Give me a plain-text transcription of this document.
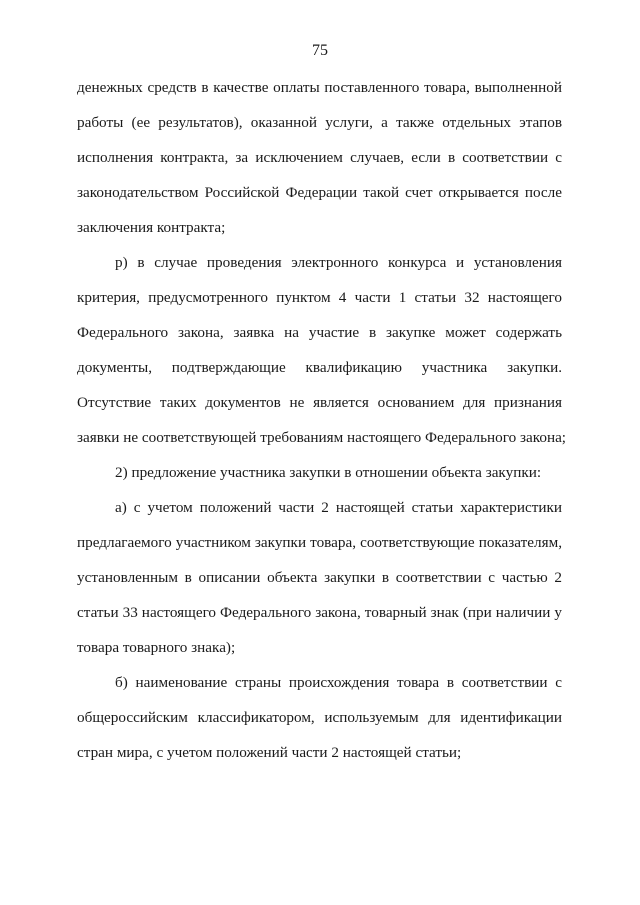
75
денежных средств в качестве оплаты поставленного товара, выполненной
работы (ее результатов), оказанной услуги, а также отдельных этапов
исполнения контракта, за исключением случаев, если в соответствии с
законодательством Российской Федерации такой счет открывается после
заключения контракта;
р) в случае проведения электронного конкурса и установления
критерия, предусмотренного пунктом 4 части 1 статьи 32 настоящего
Федерального закона, заявка на участие в закупке может содержать
документы, подтверждающие квалификацию участника закупки.
Отсутствие таких документов не является основанием для признания
заявки не соответствующей требованиям настоящего Федерального закона;
2) предложение участника закупки в отношении объекта закупки:
а) с учетом положений части 2 настоящей статьи характеристики
предлагаемого участником закупки товара, соответствующие показателям,
установленным в описании объекта закупки в соответствии с частью 2
статьи 33 настоящего Федерального закона, товарный знак (при наличии у
товара товарного знака);
б) наименование страны происхождения товара в соответствии с
общероссийским классификатором, используемым для идентификации
стран мира, с учетом положений части 2 настоящей статьи;
